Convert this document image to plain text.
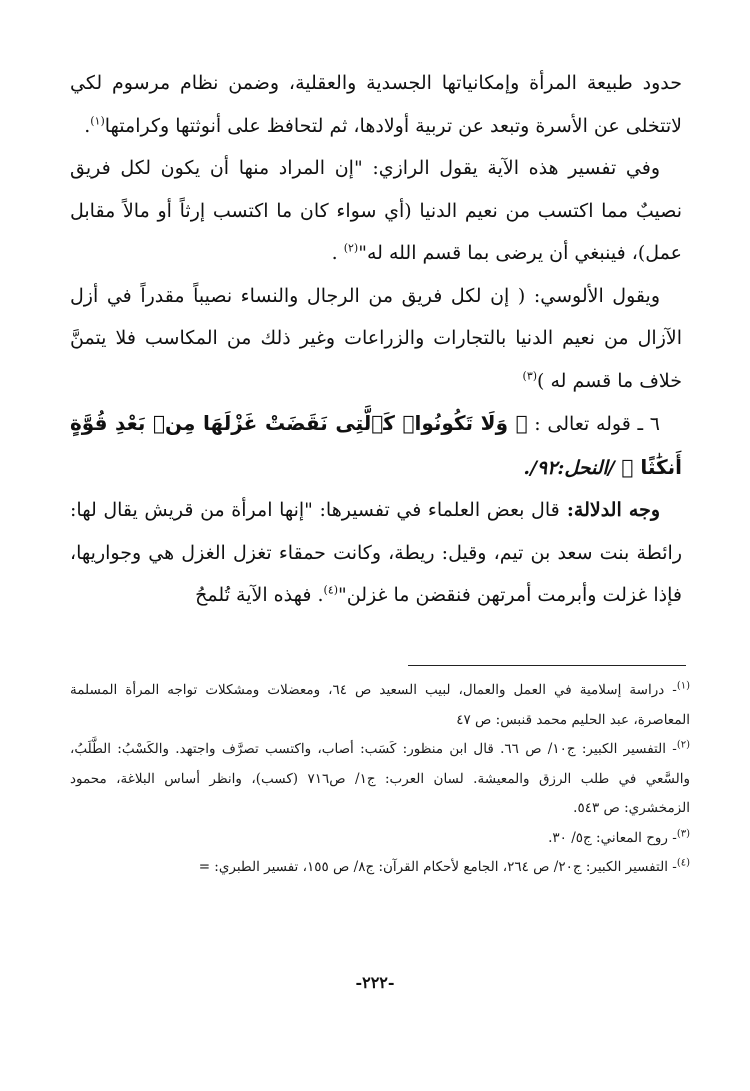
حدود طبيعة المرأة وإمكانياتها الجسدية والعقلية، وضمن نظام مرسوم لكي لاتتخلى عن الأسرة وتبعد عن تربية أولادها، ثم لتحافظ على أنوثتها وكرامتها$^{(١)}$.

وفي تفسير هذه الآية يقول الرازي: "إن المراد منها أن يكون لكل فريق نصيبٌ مما اكتسب من نعيم الدنيا (أي سواء كان ما اكتسب إرثاً أو مالاً مقابل عمل)، فينبغي أن يرضى بما قسم الله له"$^{(٢)}$ .

ويقول الألوسي: ( إن لكل فريق من الرجال والنساء نصيباً مقدراً في أزل الآزال من نعيم الدنيا بالتجارات والزراعات وغير ذلك من المكاسب فلا يتمنَّ خلاف ما قسم له )$^{(٣)}$

٦ ـ قوله تعالى : ﴿ وَلَا تَكُونُوا۟ كَٱلَّتِى نَقَضَتْ غَزْلَهَا مِنۢ بَعْدِ قُوَّةٍ أَنكَٰثًا ﴾ /النحل:٩٢/.

وجه الدلالة: قال بعض العلماء في تفسيرها: "إنها امرأة من قريش يقال لها: رائطة بنت سعد بن تيم، وقيل: ريطة، وكانت حمقاء تغزل الغزل هي وجواريها، فإذا غزلت وأبرمت أمرتهن فنقضن ما غزلن"$^{(٤)}$. فهذه الآية تُلمحُ

$^{(١)}$- دراسة إسلامية في العمل والعمال، لبيب السعيد ص ٦٤، ومعضلات ومشكلات تواجه المرأة المسلمة المعاصرة، عبد الحليم محمد قنبس: ص ٤٧

$^{(٢)}$- التفسير الكبير: ج١٠/ ص ٦٦. قال ابن منظور: كَسَب: أصاب، واكتسب تصرَّف واجتهد. والكَسْبُ: الطَّلَبُ، والسَّعي في طلب الرزق والمعيشة. لسان العرب: ج١/ ص٧١٦ (كسب)، وانظر أساس البلاغة، محمود الزمخشري: ص ٥٤٣.

$^{(٣)}$- روح المعاني: ج٥/ ٣٠.

$^{(٤)}$- التفسير الكبير: ج٢٠/ ص ٢٦٤، الجامع لأحكام القرآن: ج٨/ ص ١٥٥، تفسير الطبري: =

-٢٢٢-
